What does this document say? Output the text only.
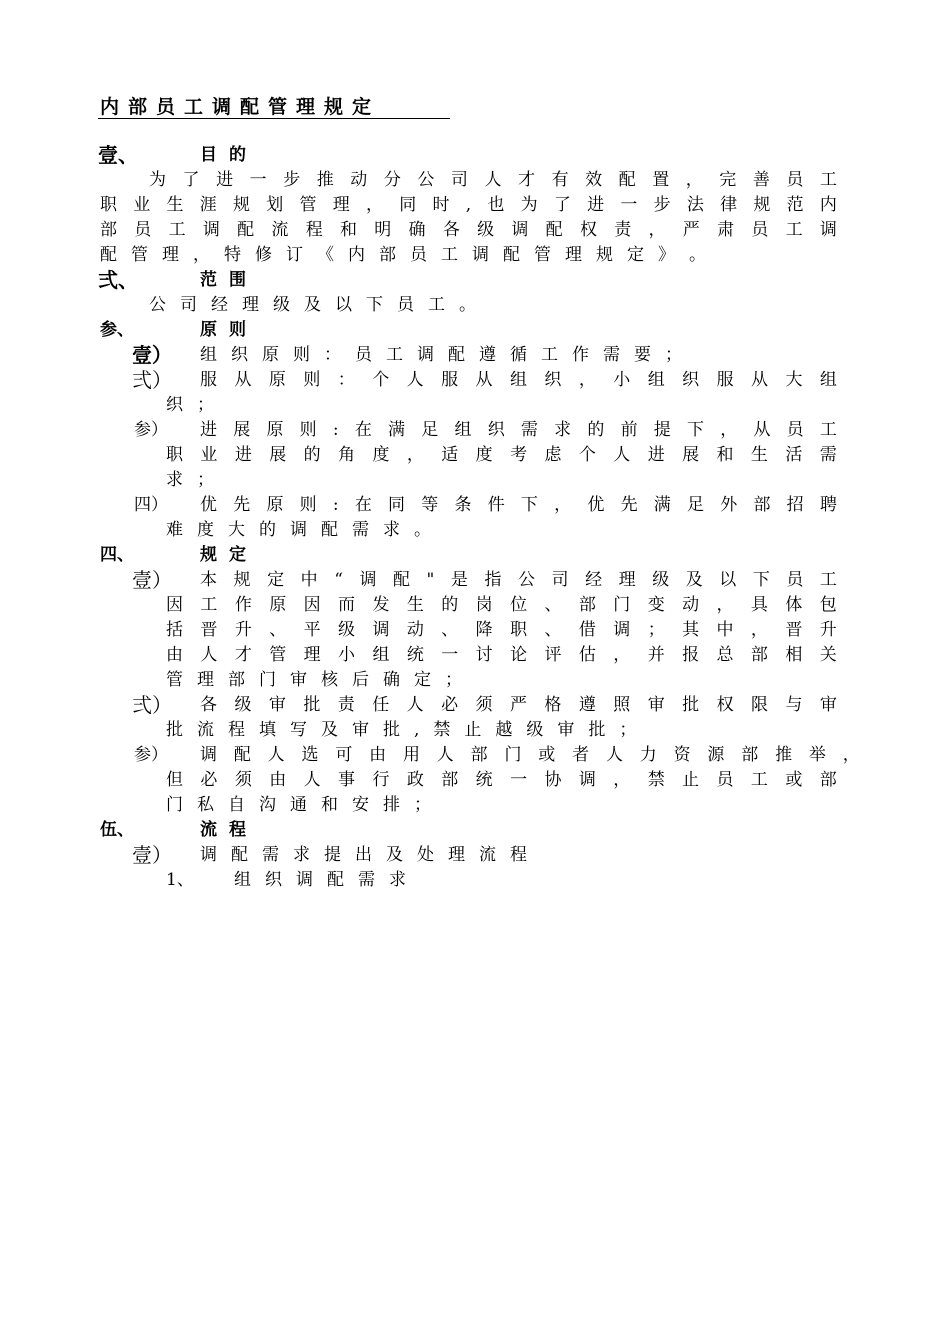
内部员工调配管理规定
壹、	目的
为 了 进 一 步 推 动 分 公 司 人 才 有 效 配 置 ， 完 善 员 工
职 业 生 涯 规 划 管 理 ， 同 时 , 也 为 了 进 一 步 法 律 规 范 内
部 员 工 调 配 流 程 和 明 确 各 级 调 配 权 责 ， 严 肃 员 工 调
配管理，特修订《内部员工调配管理规定》。
弍、	范围
公司经理级及以下员工。
参、	原则
壹） 组织原则：员工调配遵循工作需要；
弍） 服 从 原 则 ： 个 人 服 从 组 织 ， 小 组 织 服 从 大 组
织；
参） 进 展 原 则 : 在 满 足 组 织 需 求 的 前 提 下 ， 从 员 工
职 业 进 展 的 角 度 ， 适 度 考 虑 个 人 进 展 和 生 活 需
求；
四） 优 先 原 则 : 在 同 等 条 件 下 ， 优 先 满 足 外 部 招 聘
难度大的调配需求。
四、	规定
壹） 本 规 定 中 “ 调 配 " 是 指 公 司 经 理 级 及 以 下 员 工
因 工 作 原 因 而 发 生 的 岗 位 、 部 门 变 动 ， 具 体 包
括 晋 升 、 平 级 调 动 、 降 职 、 借 调 ； 其 中 ， 晋 升
由 人 才 管 理 小 组 统 一 讨 论 评 估 ， 并 报 总 部 相 关
管理部门审核后确定；
弍） 各 级 审 批 责 任 人 必 须 严 格 遵 照 审 批 权 限 与 审
批流程填写及审批,禁止越级审批；
参） 调 配 人 选 可 由 用 人 部 门 或 者 人 力 资 源 部 推 举 ，
但 必 须 由 人 事 行 政 部 统 一 协 调 ， 禁 止 员 工 或 部
门私自沟通和安排；
伍、	流程
壹） 调配需求提出及处理流程
1、 组织调配需求
